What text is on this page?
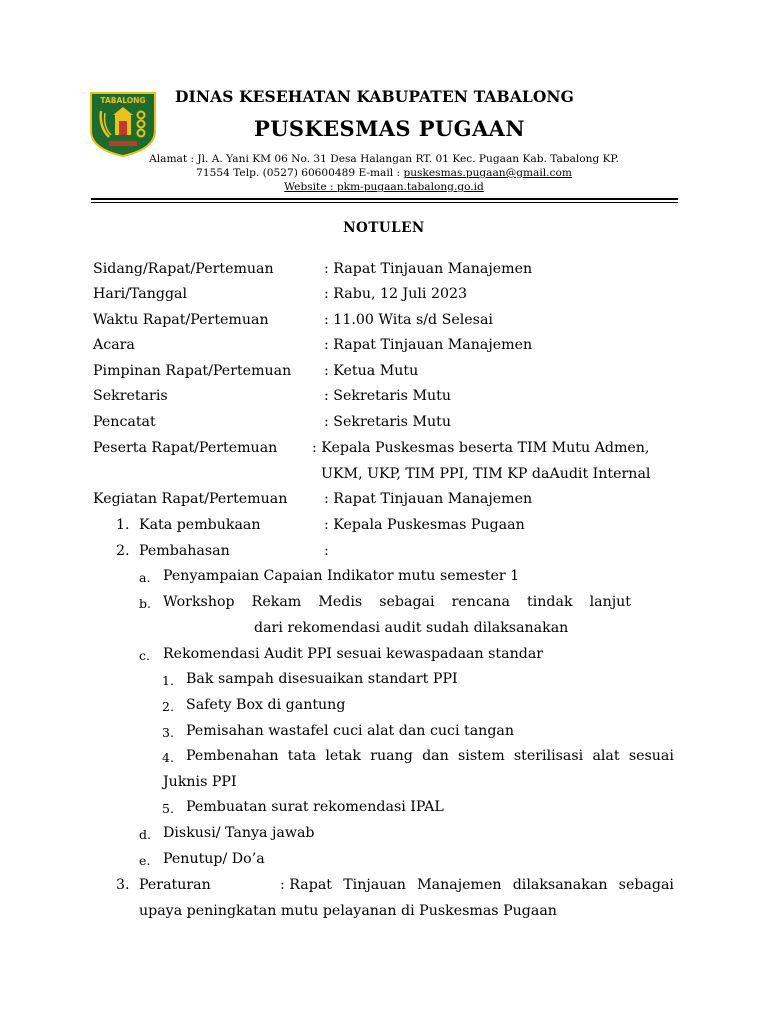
TABALONG DINAS KESEHATAN KABUPATEN TABALONG
PUSKESMAS PUGAAN
Alamat : Jl. A. Yani KM 06 No. 31 Desa Halangan RT. 01 Kec. Pugaan Kab. Tabalong KP.
71554 Telp. (0527) 60600489 E-mail : puskesmas.pugaan@gmail.com
Website : pkm-pugaan.tabalong.go.id
NOTULEN
Sidang/Rapat/Pertemuan	: Rapat Tinjauan Manajemen
Hari/Tanggal	: Rabu, 12 Juli 2023
Waktu Rapat/Pertemuan	: 11.00 Wita s/d Selesai
Acara	: Rapat Tinjauan Manajemen
Pimpinan Rapat/Pertemuan : Ketua Mutu
Sekretaris	: Sekretaris Mutu
Pencatat	: Sekretaris Mutu
Peserta Rapat/Pertemuan : Kepala Puskesmas beserta TIM Mutu Admen,
UKM, UKP, TIM PPI, TIM KP daAudit Internal
Kegiatan Rapat/Pertemuan	: Rapat Tinjauan Manajemen
1. Kata pembukaan	: Kepala Puskesmas Pugaan
2. Pembahasan	:
a. Penyampaian Capaian Indikator mutu semester 1
b. Workshop Rekam Medis sebagai rencana tindak lanjut
dari rekomendasi audit sudah dilaksanakan
c. Rekomendasi Audit PPI sesuai kewaspadaan standar
1. Bak sampah disesuaikan standart PPI
2. Safety Box di gantung
3. Pemisahan wastafel cuci alat dan cuci tangan
4. Pembenahan tata letak ruang dan sistem sterilisasi alat sesuai
Juknis PPI
5. Pembuatan surat rekomendasi IPAL
d. Diskusi/ Tanya jawab
e. Penutup/ Do’a
3. Peraturan	: Rapat Tinjauan Manajemen dilaksanakan sebagai
upaya peningkatan mutu pelayanan di Puskesmas Pugaan
